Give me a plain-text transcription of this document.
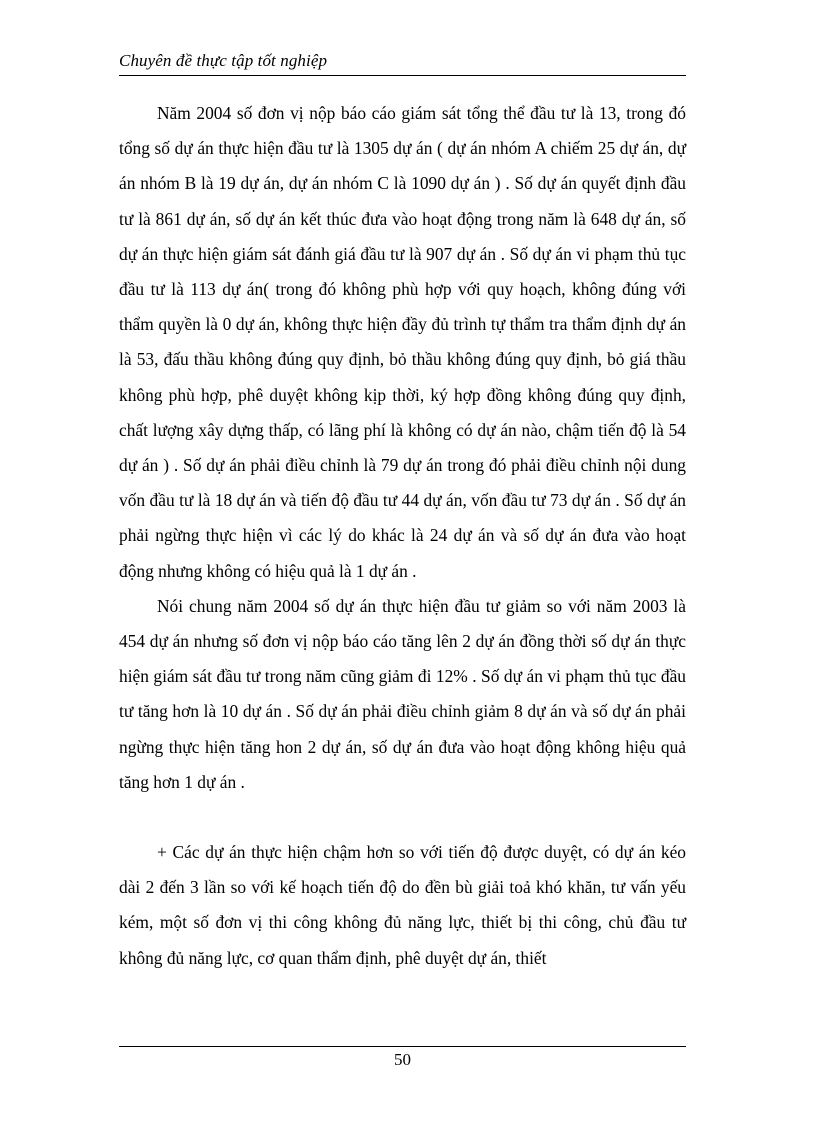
Chuyên đề thực tập tốt nghiệp

Năm 2004 số đơn vị nộp báo cáo giám sát tổng thể đầu tư là 13, trong đó tổng số dự án thực hiện đầu tư là 1305 dự án ( dự án nhóm A chiếm 25 dự án, dự án nhóm B là 19 dự án, dự án nhóm C là 1090 dự án ) . Số dự án quyết định đầu tư là 861 dự án, số dự án kết thúc đưa vào hoạt động trong năm là 648 dự án, số dự án thực hiện giám sát đánh giá đầu tư là 907 dự án . Số dự án vi phạm thủ tục đầu tư là 113 dự án( trong đó không phù hợp với quy hoạch, không đúng với thẩm quyền là 0 dự án, không thực hiện đầy đủ trình tự thẩm tra thẩm định dự án là 53, đấu thầu không đúng quy định, bỏ thầu không đúng quy định, bỏ giá thầu không phù hợp, phê duyệt không kịp thời, ký hợp đồng không đúng quy định, chất lượng xây dựng thấp, có lãng phí là không có dự án nào, chậm tiến độ là 54 dự án ) . Số dự án phải điều chỉnh là 79 dự án trong đó phải điều chỉnh nội dung vốn đầu tư là 18 dự án và tiến độ đầu tư 44 dự án, vốn đầu tư 73 dự án . Số dự án phải ngừng thực hiện vì các lý do khác là 24 dự án và số dự án đưa vào hoạt động nhưng không có hiệu quả là 1 dự án .

Nói chung năm 2004 số dự án thực hiện đầu tư giảm so với năm 2003 là 454 dự án nhưng số đơn vị nộp báo cáo tăng lên 2 dự án đồng thời số dự án thực hiện giám sát đầu tư trong năm cũng giảm đi 12% . Số dự án vi phạm thủ tục đầu tư tăng hơn là 10 dự án . Số dự án phải điều chỉnh giảm 8 dự án và số dự án phải ngừng thực hiện tăng hon 2 dự án, số dự án đưa vào hoạt động không hiệu quả tăng hơn 1 dự án .

+ Các dự án thực hiện chậm hơn so với tiến độ được duyệt, có dự án kéo dài 2 đến 3 lần so với kế hoạch tiến độ do đền bù giải toả khó khăn, tư vấn yếu kém, một số đơn vị thi công không đủ năng lực, thiết bị thi công, chủ đầu tư không đủ năng lực, cơ quan thẩm định, phê duyệt dự án, thiết

50
